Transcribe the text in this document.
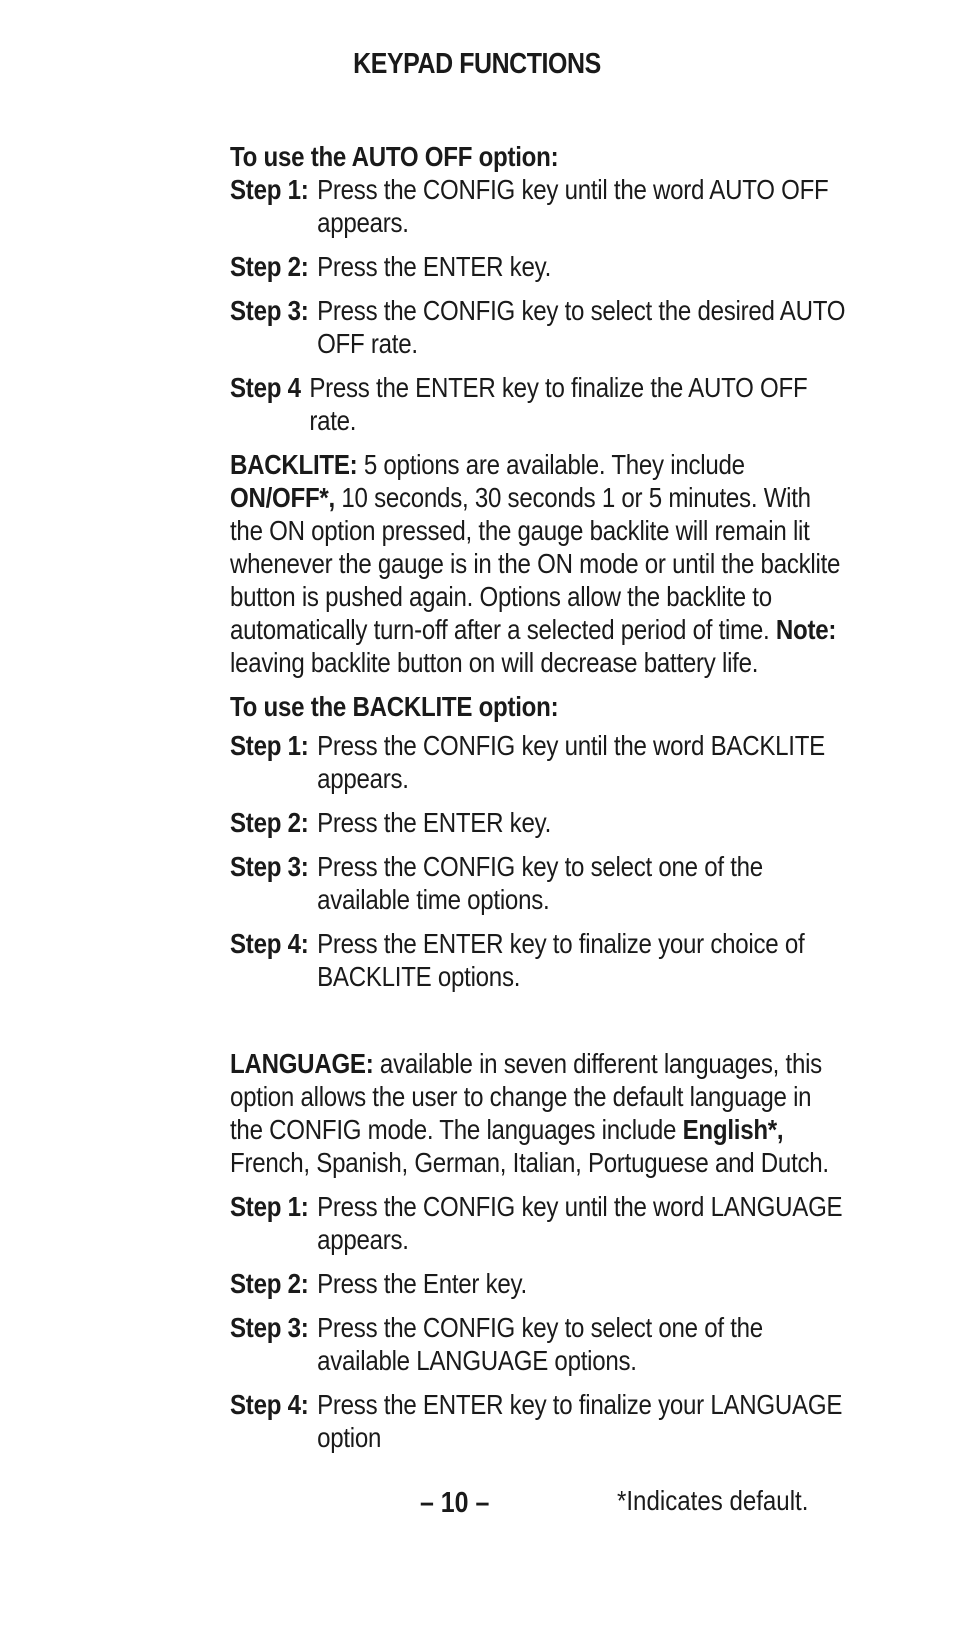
KEYPAD FUNCTIONS
To use the AUTO OFF option:
Step 1: Press the CONFIG key until the word AUTO OFF appears.
Step 2: Press the ENTER key.
Step 3: Press the CONFIG key to select the desired AUTO OFF rate.
Step 4 Press the ENTER key to finalize the AUTO OFF rate.

BACKLITE: 5 options are available. They include ON/OFF*, 10 seconds, 30 seconds 1 or 5 minutes. With the ON option pressed, the gauge backlite will remain lit whenever the gauge is in the ON mode or until the backlite button is pushed again. Options allow the backlite to automatically turn-off after a selected period of time. Note: leaving backlite button on will decrease battery life.

To use the BACKLITE option:
Step 1: Press the CONFIG key until the word BACKLITE appears.
Step 2: Press the ENTER key.
Step 3: Press the CONFIG key to select one of the available time options.
Step 4: Press the ENTER key to finalize your choice of BACKLITE options.

LANGUAGE: available in seven different languages, this option allows the user to change the default language in the CONFIG mode. The languages include English*, French, Spanish, German, Italian, Portuguese and Dutch.

Step 1: Press the CONFIG key until the word LANGUAGE appears.
Step 2: Press the Enter key.
Step 3: Press the CONFIG key to select one of the available LANGUAGE options.
Step 4: Press the ENTER key to finalize your LANGUAGE option
– 10 –	*Indicates default.
